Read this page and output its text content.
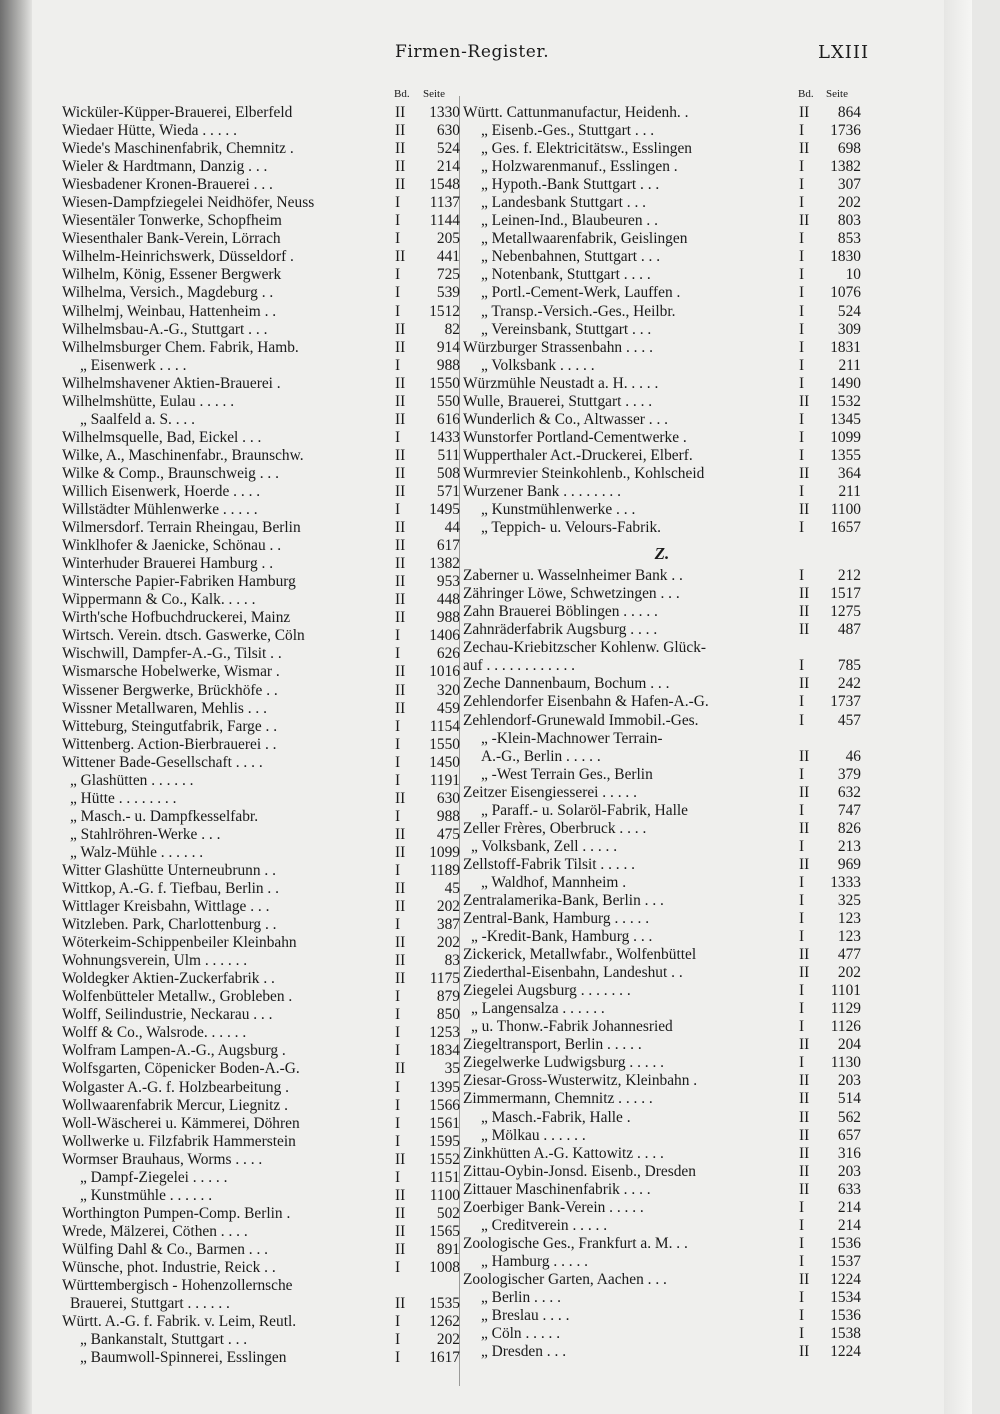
Firmen-Register.	LXIII
Bd. Seite
Wicküler-Küpper-Brauerei, Elberfeld	II	1330
Wiedaer Hütte, Wieda . . . . .	II	630
Wiede's Maschinenfabrik, Chemnitz .	II	524
Wieler & Hardtmann, Danzig . . .	II	214
Wiesbadener Kronen-Brauerei . . .	II	1548
Wiesen-Dampfziegelei Neidhöfer, Neuss	I	1137
Wiesentäler Tonwerke, Schopfheim	I	1144
Wiesenthaler Bank-Verein, Lörrach	I	205
Wilhelm-Heinrichswerk, Düsseldorf .	II	441
Wilhelm, König, Essener Bergwerk	I	725
Wilhelma, Versich., Magdeburg . .	I	539
Wilhelmj, Weinbau, Hattenheim . .	I	1512
Wilhelmsbau-A.-G., Stuttgart . . .	II	82
Wilhelmsburger Chem. Fabrik, Hamb.	II	914
„ Eisenwerk . . . .	I	988
Wilhelmshavener Aktien-Brauerei .	II	1550
Wilhelmshütte, Eulau . . . . .	II	550
„ Saalfeld a. S. . . .	II	616
Wilhelmsquelle, Bad, Eickel . . .	I	1433
Wilke, A., Maschinenfabr., Braunschw.	II	511
Wilke & Comp., Braunschweig . . .	II	508
Willich Eisenwerk, Hoerde . . . .	II	571
Willstädter Mühlenwerke . . . . .	I	1495
Wilmersdorf. Terrain Rheingau, Berlin	II	44
Winklhofer & Jaenicke, Schönau . .	II	617
Winterhuder Brauerei Hamburg . .	II	1382
Wintersche Papier-Fabriken Hamburg	II	953
Wippermann & Co., Kalk. . . . .	II	448
Wirth'sche Hofbuchdruckerei, Mainz	II	988
Wirtsch. Verein. dtsch. Gaswerke, Cöln	I	1406
Wischwill, Dampfer-A.-G., Tilsit . .	I	626
Wismarsche Hobelwerke, Wismar .	II	1016
Wissener Bergwerke, Brückhöfe . .	II	320
Wissner Metallwaren, Mehlis . . .	II	459
Witteburg, Steingutfabrik, Farge . .	I	1154
Wittenberg. Action-Bierbrauerei . .	I	1550
Wittener Bade-Gesellschaft . . . .	I	1450
„ Glashütten . . . . . .	I	1191
„ Hütte . . . . . . . .	II	630
„ Masch.- u. Dampfkesselfabr.	I	988
„ Stahlröhren-Werke . . .	II	475
„ Walz-Mühle . . . . . .	II	1099
Witter Glashütte Unterneubrunn . .	I	1189
Wittkop, A.-G. f. Tiefbau, Berlin . .	II	45
Wittlager Kreisbahn, Wittlage . . .	II	202
Witzleben. Park, Charlottenburg . .	I	387
Wöterkeim-Schippenbeiler Kleinbahn	II	202
Wohnungsverein, Ulm . . . . . .	II	83
Woldegker Aktien-Zuckerfabrik . .	II	1175
Wolfenbütteler Metallw., Grobleben .	I	879
Wolff, Seilindustrie, Neckarau . . .	I	850
Wolff & Co., Walsrode. . . . . .	I	1253
Wolfram Lampen-A.-G., Augsburg .	I	1834
Wolfsgarten, Cöpenicker Boden-A.-G.	II	35
Wolgaster A.-G. f. Holzbearbeitung .	I	1395
Wollwaarenfabrik Mercur, Liegnitz .	I	1566
Woll-Wäscherei u. Kämmerei, Döhren	I	1561
Wollwerke u. Filzfabrik Hammerstein	I	1595
Wormser Brauhaus, Worms . . . .	II	1552
„ Dampf-Ziegelei . . . . .	I	1151
„ Kunstmühle . . . . . .	II	1100
Worthington Pumpen-Comp. Berlin .	II	502
Wrede, Mälzerei, Cöthen . . . .	II	1565
Wülfing Dahl & Co., Barmen . . .	II	891
Wünsche, phot. Industrie, Reick . .	I	1008
Württembergisch - Hohenzollernsche
Brauerei, Stuttgart . . . . . .	II	1535
Württ. A.-G. f. Fabrik. v. Leim, Reutl.	I	1262
„ Bankanstalt, Stuttgart . . .	I	202
„ Baumwoll-Spinnerei, Esslingen	I	1617
Bd. Seite
Württ. Cattunmanufactur, Heidenh. .	II	864
„ Eisenb.-Ges., Stuttgart . . .	I	1736
„ Ges. f. Elektricitätsw., Esslingen	II	698
„ Holzwarenmanuf., Esslingen .	I	1382
„ Hypoth.-Bank Stuttgart . . .	I	307
„ Landesbank Stuttgart . . .	I	202
„ Leinen-Ind., Blaubeuren . .	II	803
„ Metallwaarenfabrik, Geislingen	I	853
„ Nebenbahnen, Stuttgart . . .	I	1830
„ Notenbank, Stuttgart . . . .	I	10
„ Portl.-Cement-Werk, Lauffen .	I	1076
„ Transp.-Versich.-Ges., Heilbr.	I	524
„ Vereinsbank, Stuttgart . . .	I	309
Würzburger Strassenbahn . . . .	I	1831
„ Volksbank . . . . .	I	211
Würzmühle Neustadt a. H. . . . .	I	1490
Wulle, Brauerei, Stuttgart . . . .	II	1532
Wunderlich & Co., Altwasser . . .	I	1345
Wunstorfer Portland-Cementwerke .	I	1099
Wupperthaler Act.-Druckerei, Elberf.	I	1355
Wurmrevier Steinkohlenb., Kohlscheid	II	364
Wurzener Bank . . . . . . . .	I	211
„ Kunstmühlenwerke . . .	II	1100
„ Teppich- u. Velours-Fabrik.	I	1657
Z.
Zaberner u. Wasselnheimer Bank . .	I	212
Zähringer Löwe, Schwetzingen . . .	II	1517
Zahn Brauerei Böblingen . . . . .	II	1275
Zahnräderfabrik Augsburg . . . .	II	487
Zechau-Kriebitzscher Kohlenw. Glück-
auf . . . . . . . . . . . .	I	785
Zeche Dannenbaum, Bochum . . .	II	242
Zehlendorfer Eisenbahn & Hafen-A.-G.	I	1737
Zehlendorf-Grunewald Immobil.-Ges.	I	457
„ -Klein-Machnower Terrain-
A.-G., Berlin . . . . .	II	46
„ -West Terrain Ges., Berlin	I	379
Zeitzer Eisengiesserei . . . . .	II	632
„ Paraff.- u. Solaröl-Fabrik, Halle	I	747
Zeller Frères, Oberbruck . . . .	II	826
„ Volksbank, Zell . . . . .	I	213
Zellstoff-Fabrik Tilsit . . . . .	II	969
„ Waldhof, Mannheim .	I	1333
Zentralamerika-Bank, Berlin . . .	I	325
Zentral-Bank, Hamburg . . . . .	I	123
„ -Kredit-Bank, Hamburg . . .	I	123
Zickerick, Metallwfabr., Wolfenbüttel	II	477
Ziederthal-Eisenbahn, Landeshut . .	II	202
Ziegelei Augsburg . . . . . . .	I	1101
„ Langensalza . . . . . .	I	1129
„ u. Thonw.-Fabrik Johannesried	I	1126
Ziegeltransport, Berlin . . . . .	II	204
Ziegelwerke Ludwigsburg . . . . .	I	1130
Ziesar-Gross-Wusterwitz, Kleinbahn .	II	203
Zimmermann, Chemnitz . . . . .	II	514
„ Masch.-Fabrik, Halle .	II	562
„ Mölkau . . . . . .	II	657
Zinkhütten A.-G. Kattowitz . . . .	II	316
Zittau-Oybin-Jonsd. Eisenb., Dresden	II	203
Zittauer Maschinenfabrik . . . .	II	633
Zoerbiger Bank-Verein . . . . .	I	214
„ Creditverein . . . . .	I	214
Zoologische Ges., Frankfurt a. M. . .	I	1536
„ Hamburg . . . . .	I	1537
Zoologischer Garten, Aachen . . .	II	1224
„ Berlin . . . .	I	1534
„ Breslau . . . .	I	1536
„ Cöln . . . . .	I	1538
„ Dresden . . .	II	1224
